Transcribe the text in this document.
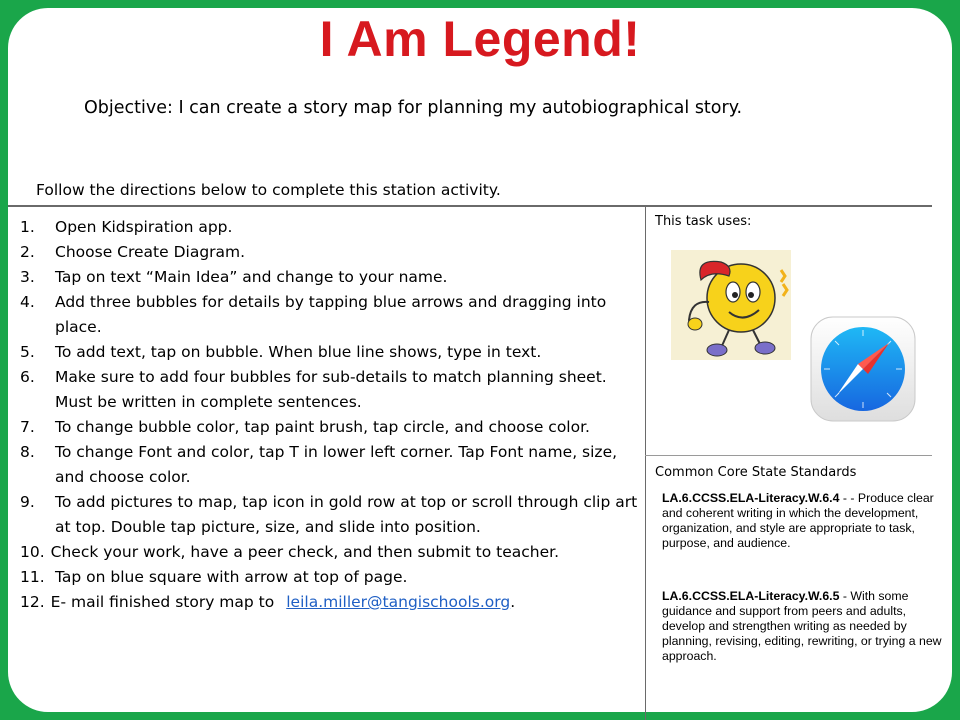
I Am Legend!
Objective: I can create a story map for planning my autobiographical story.
Follow the directions below to complete this station activity.
1.	Open Kidspiration app.
2.	Choose Create Diagram.
3.	Tap on text “Main Idea” and change to your name.
4.	Add three bubbles for details by tapping blue arrows and dragging into place.
5.	To add text, tap on bubble. When blue line shows, type in text.
6.	Make sure to add four bubbles for sub-details to match planning sheet. Must be written in complete sentences.
7.	To change bubble color, tap paint brush, tap circle, and choose color.
8.	To change Font and color, tap T in lower left corner. Tap Font name, size, and choose color.
9.	To add pictures to map, tap icon in gold row at top or scroll through clip art at top. Double tap picture, size, and slide into position.
10. Check your work, have a peer check, and then submit to teacher.
11. Tap on blue square with arrow at top of page.
12. E- mail finished story map to leila.miller@tangischools.org.
This task uses:
Common Core State Standards
LA.6.CCSS.ELA-Literacy.W.6.4 - - Produce clear and coherent writing in which the development, organization, and style are appropriate to task, purpose, and audience.
LA.6.CCSS.ELA-Literacy.W.6.5 - With some guidance and support from peers and adults, develop and strengthen writing as needed by planning, revising, editing, rewriting, or trying a new approach.
